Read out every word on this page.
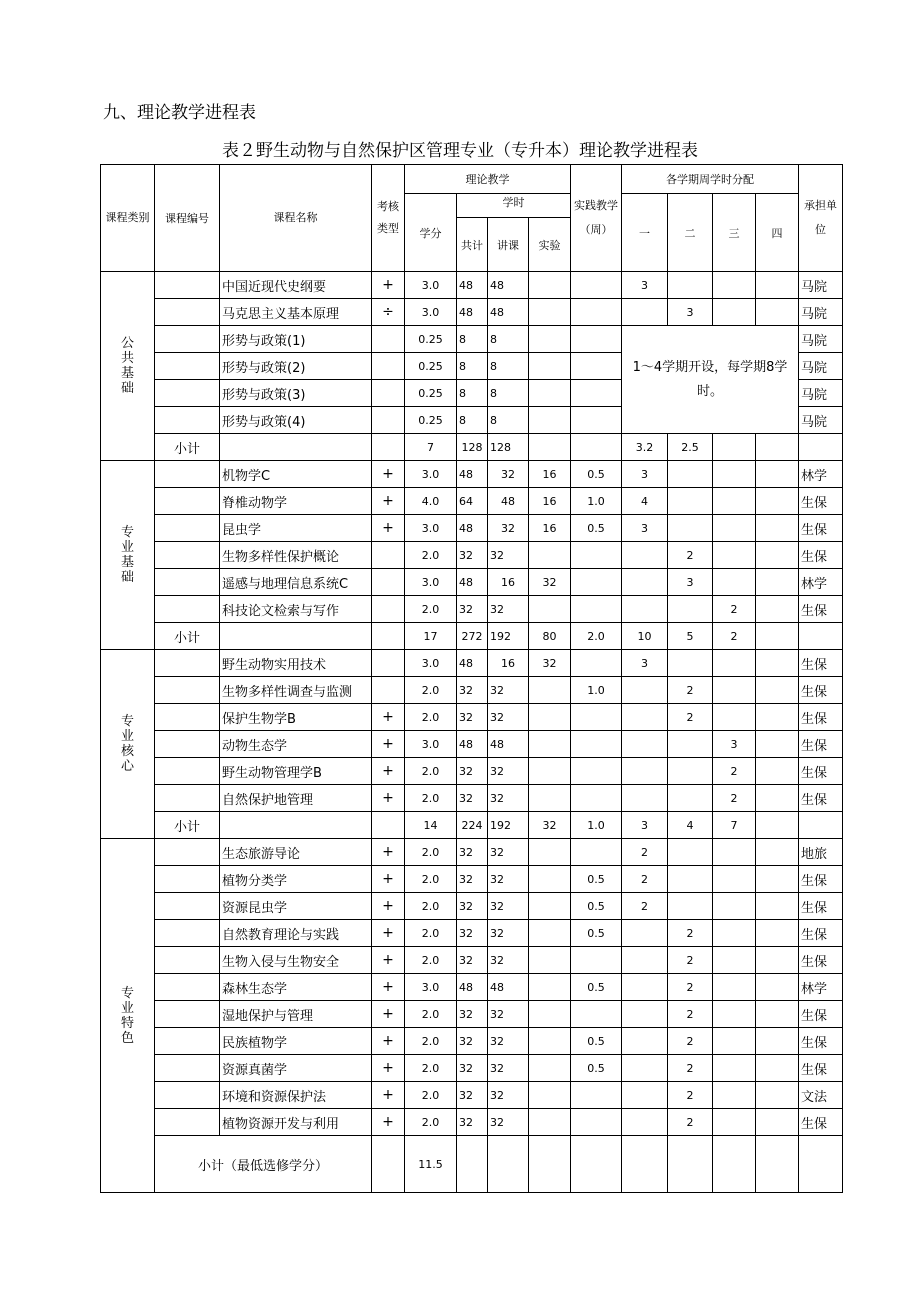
九、理论教学进程表
表２野生动物与自然保护区管理专业（专升本）理论教学进程表
课程类别	课程编号	课程名称	考核类型	理论教学				实践教学（周）	各学期周学时分配				承担单位
				学分	学时				一	二	三	四	
					共计	讲课	实验						
公共基础		中国近现代史纲要	+	3.0	48	48			3				马院
		马克思主义基本原理	÷	3.0	48	48				3			马院
		形势与政策(1)		0.25	8	8			1～4学期开设，每学期8学时。				马院
		形势与政策(2)		0.25	8	8							马院
		形势与政策(3)		0.25	8	8							马院
		形势与政策(4)		0.25	8	8							马院
	小计			7	128	128			3.2	2.5			
专业基础		机物学C	+	3.0	48	32	16	0.5	3				林学
		脊椎动物学	+	4.0	64	48	16	1.0	4				生保
		昆虫学	+	3.0	48	32	16	0.5	3				生保
		生物多样性保护概论		2.0	32	32				2			生保
		遥感与地理信息系统C		3.0	48	16	32			3			林学
		科技论文检索与写作		2.0	32	32					2		生保
	小计			17	272	192	80	2.0	10	5	2		
专业核心		野生动物实用技术		3.0	48	16	32		3				生保
		生物多样性调查与监测		2.0	32	32		1.0		2			生保
		保护生物学B	+	2.0	32	32				2			生保
		动物生态学	+	3.0	48	48					3		生保
		野生动物管理学B	+	2.0	32	32					2		生保
		自然保护地管理	+	2.0	32	32					2		生保
	小计			14	224	192	32	1.0	3	4	7		
专业特色		生态旅游导论	+	2.0	32	32			2				地旅
		植物分类学	+	2.0	32	32		0.5	2				生保
		资源昆虫学	+	2.0	32	32		0.5	2				生保
		自然教育理论与实践	+	2.0	32	32		0.5		2			生保
		生物入侵与生物安全	+	2.0	32	32				2			生保
		森林生态学	+	3.0	48	48		0.5		2			林学
		湿地保护与管理	+	2.0	32	32				2			生保
		民族植物学	+	2.0	32	32		0.5		2			生保
		资源真菌学	+	2.0	32	32		0.5		2			生保
		环境和资源保护法	+	2.0	32	32				2			文法
		植物资源开发与利用	+	2.0	32	32				2			生保
	小计（最低选修学分）			11.5									
